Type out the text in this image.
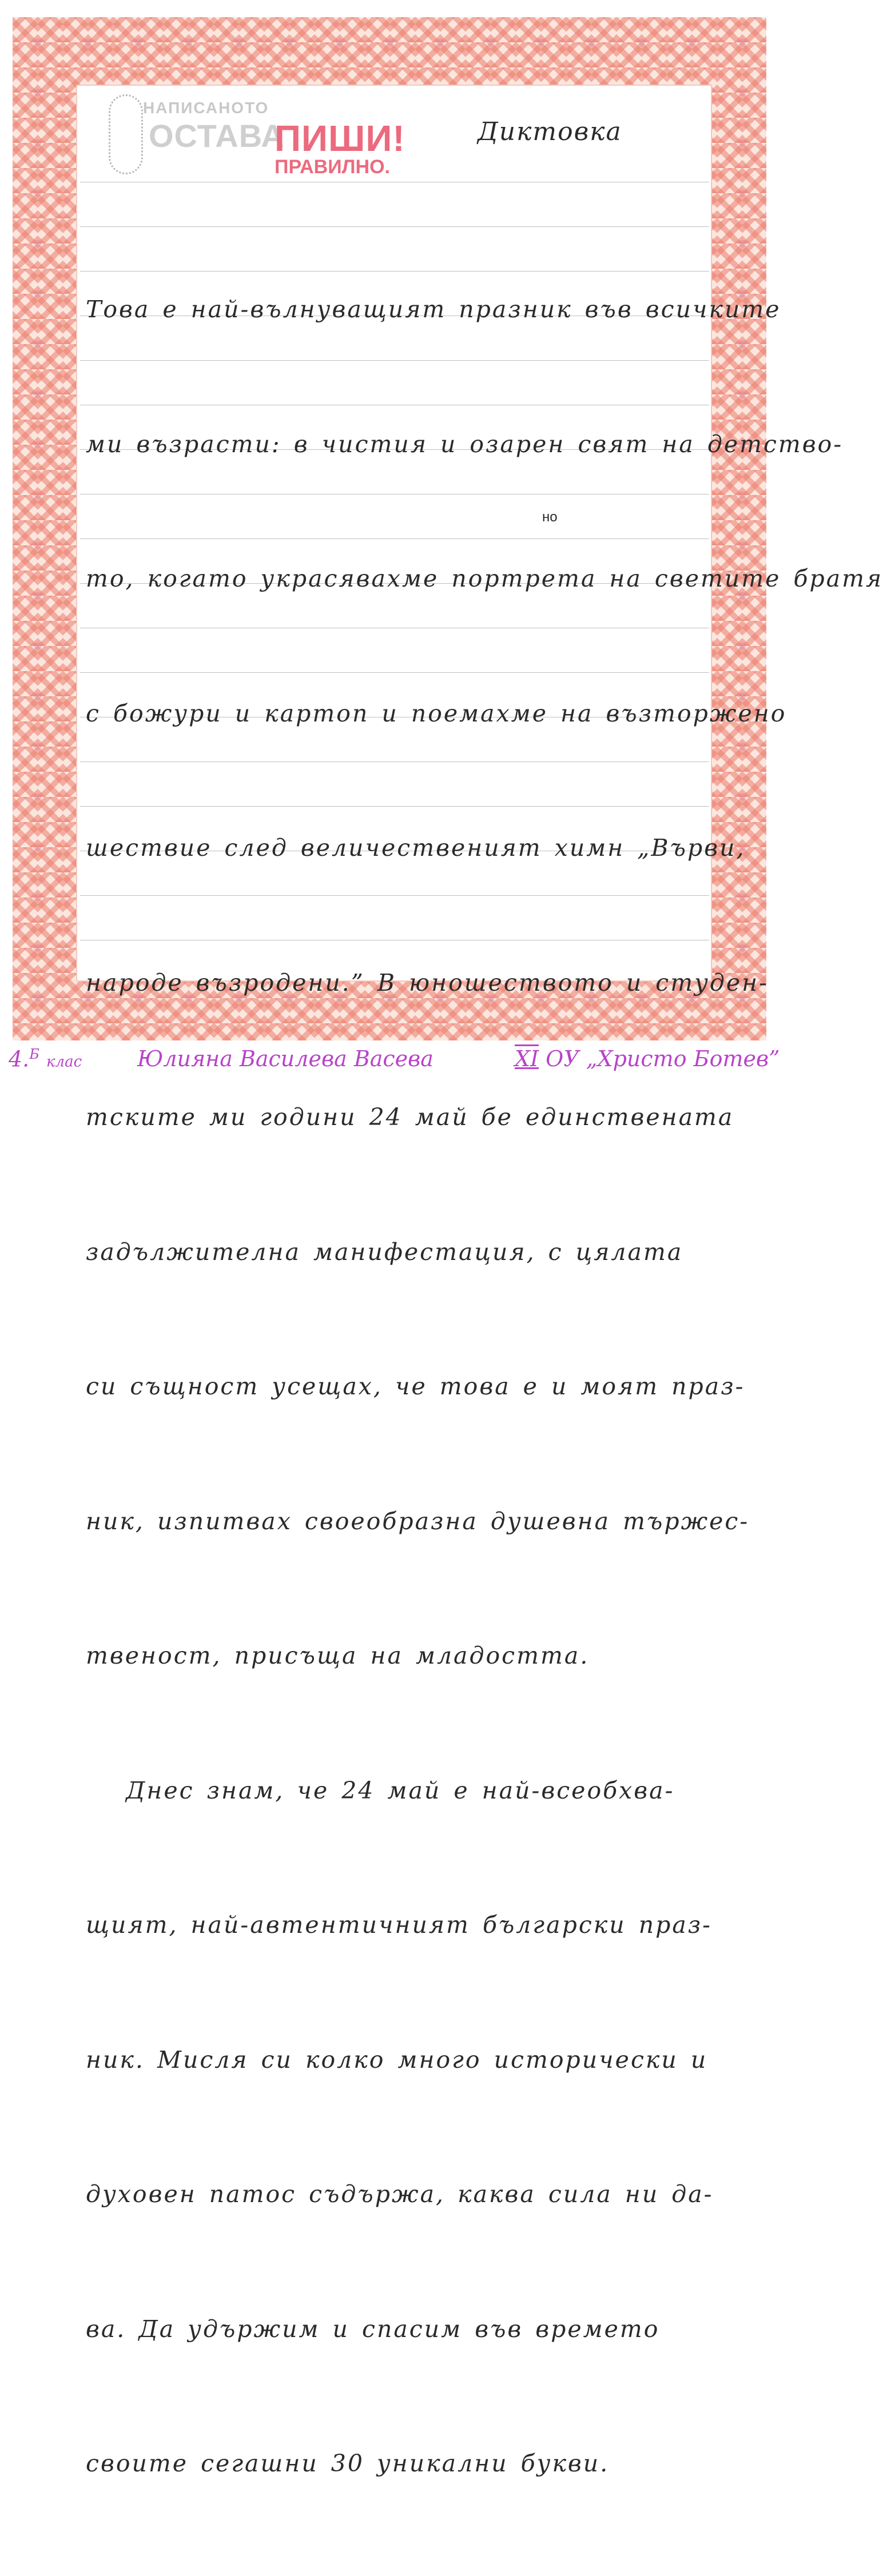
НАПИСАНОТО
ОСТАВА
ПИШИ!
ПРАВИЛНО.
Диктовка
но

Това е най-вълнуващият празник във всичките

ми възрасти: в чистия и озарен свят на детство-

то, когато украсявахме портрета на светите братя

с божури и картоп и поемахме на възторжено

шествие след величественият химн „Върви,

народе възродени.” В юношеството и студен-

тските ми години 24 май бе единствената

задължителна манифестация, с цялата

си същност усещах, че това е и моят праз-

ник, изпитвах своеобразна душевна тържес-

твеност, присъща на младостта.

Днес знам, че 24 май е най-всеобхва-

щият, най-автентичният български праз-

ник. Мисля си колко много исторически и

духовен патос съдържа, каква сила ни да-

ва. Да удържим и спасим във времето

своите сегашни 30 уникални букви.

4.$^Б$ клас	Юлияна Василева Васева	XI ОУ „Христо Ботев”
